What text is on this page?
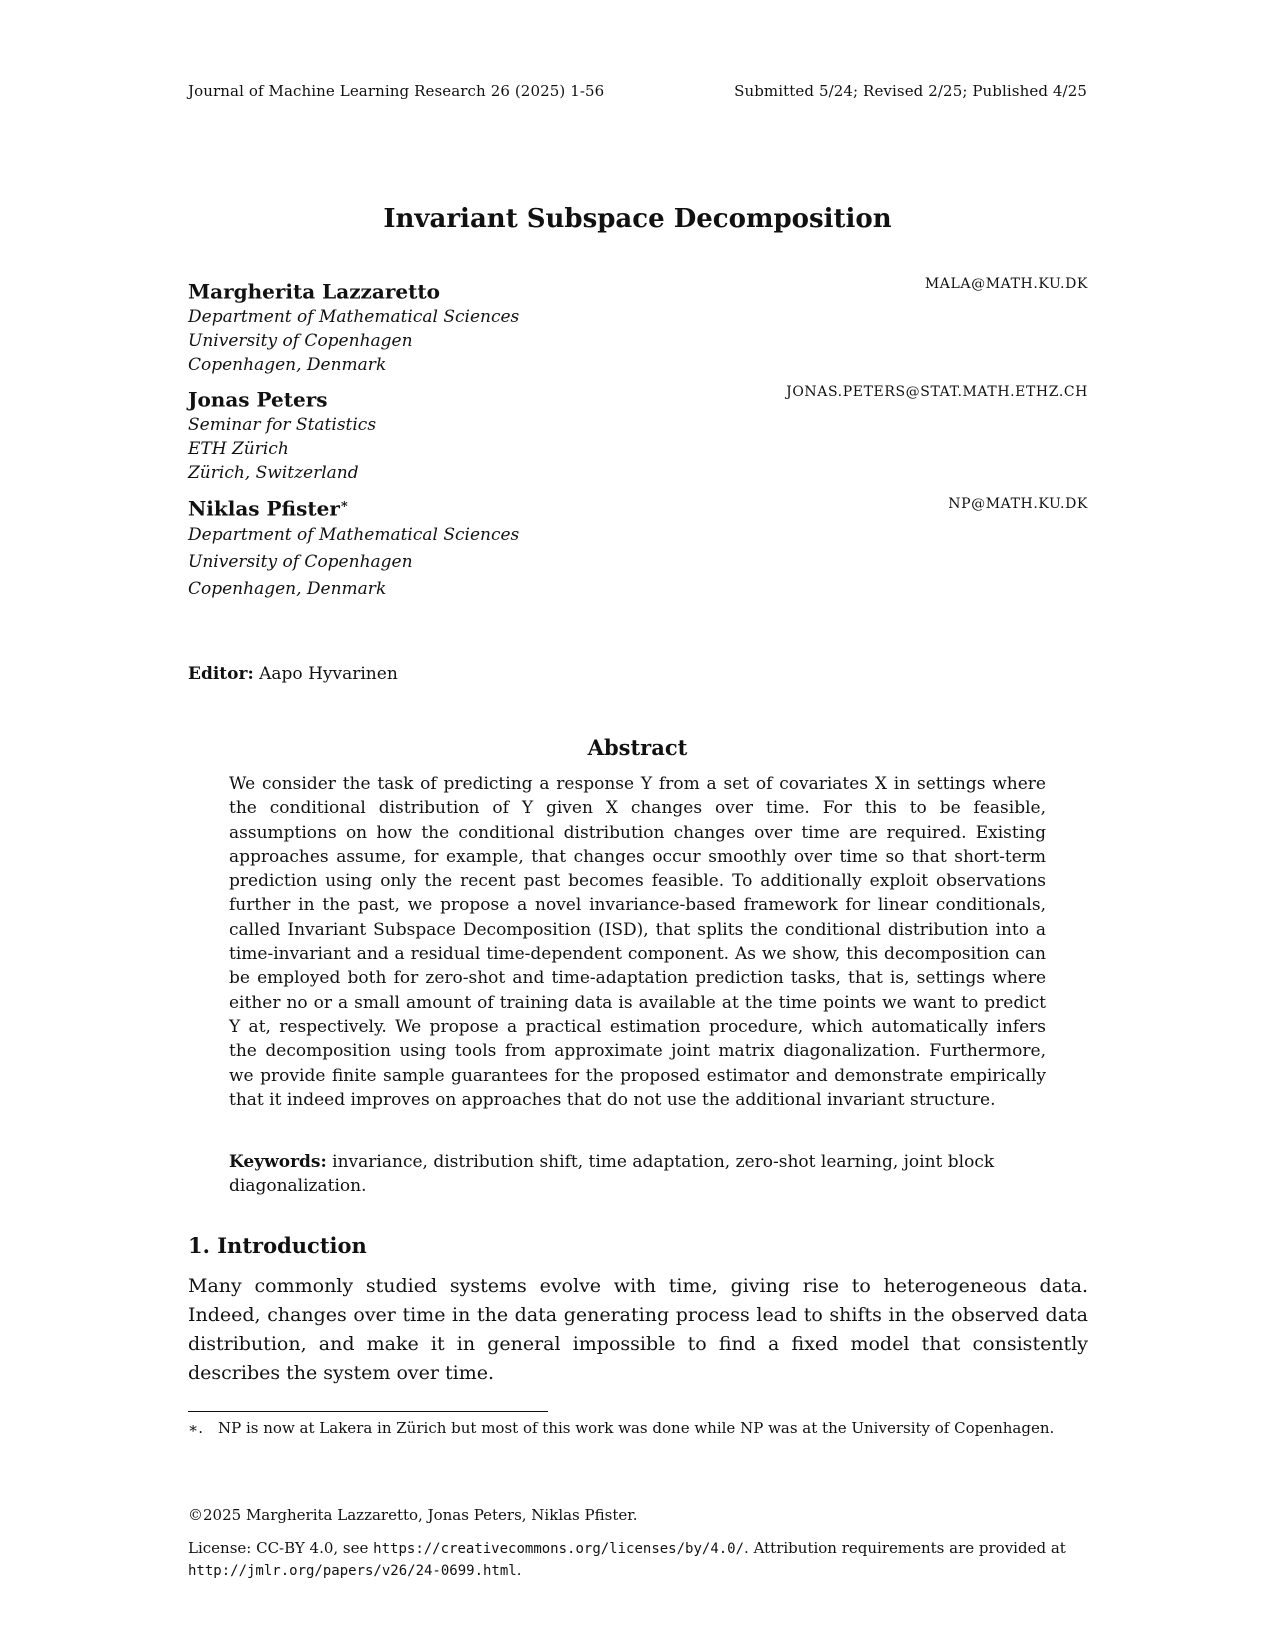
Journal of Machine Learning Research 26 (2025) 1-56	Submitted 5/24; Revised 2/25; Published 4/25
Invariant Subspace Decomposition
Margherita Lazzaretto	MALA@MATH.KU.DK
Department of Mathematical Sciences
University of Copenhagen
Copenhagen, Denmark
Jonas Peters	JONAS.PETERS@STAT.MATH.ETHZ.CH
Seminar for Statistics
ETH Zürich
Zürich, Switzerland
Niklas Pfister∗	NP@MATH.KU.DK
Department of Mathematical Sciences
University of Copenhagen
Copenhagen, Denmark
Editor: Aapo Hyvarinen
Abstract

We consider the task of predicting a response Y from a set of covariates X in settings where the conditional distribution of Y given X changes over time. For this to be feasible, assumptions on how the conditional distribution changes over time are required. Existing approaches assume, for example, that changes occur smoothly over time so that short-term prediction using only the recent past becomes feasible. To additionally exploit observations further in the past, we propose a novel invariance-based framework for linear conditionals, called Invariant Subspace Decomposition (ISD), that splits the conditional distribution into a time-invariant and a residual time-dependent component. As we show, this decomposition can be employed both for zero-shot and time-adaptation prediction tasks, that is, settings where either no or a small amount of training data is available at the time points we want to predict Y at, respectively. We propose a practical estimation procedure, which automatically infers the decomposition using tools from approximate joint matrix diagonalization. Furthermore, we provide finite sample guarantees for the proposed estimator and demonstrate empirically that it indeed improves on approaches that do not use the additional invariant structure.

Keywords: invariance, distribution shift, time adaptation, zero-shot learning, joint block diagonalization.

1. Introduction

Many commonly studied systems evolve with time, giving rise to heterogeneous data. Indeed, changes over time in the data generating process lead to shifts in the observed data distribution, and make it in general impossible to find a fixed model that consistently describes the system over time.

∗. NP is now at Lakera in Zürich but most of this work was done while NP was at the University of Copenhagen.
©2025 Margherita Lazzaretto, Jonas Peters, Niklas Pfister.
License: CC-BY 4.0, see https://creativecommons.org/licenses/by/4.0/. Attribution requirements are provided at http://jmlr.org/papers/v26/24-0699.html.
